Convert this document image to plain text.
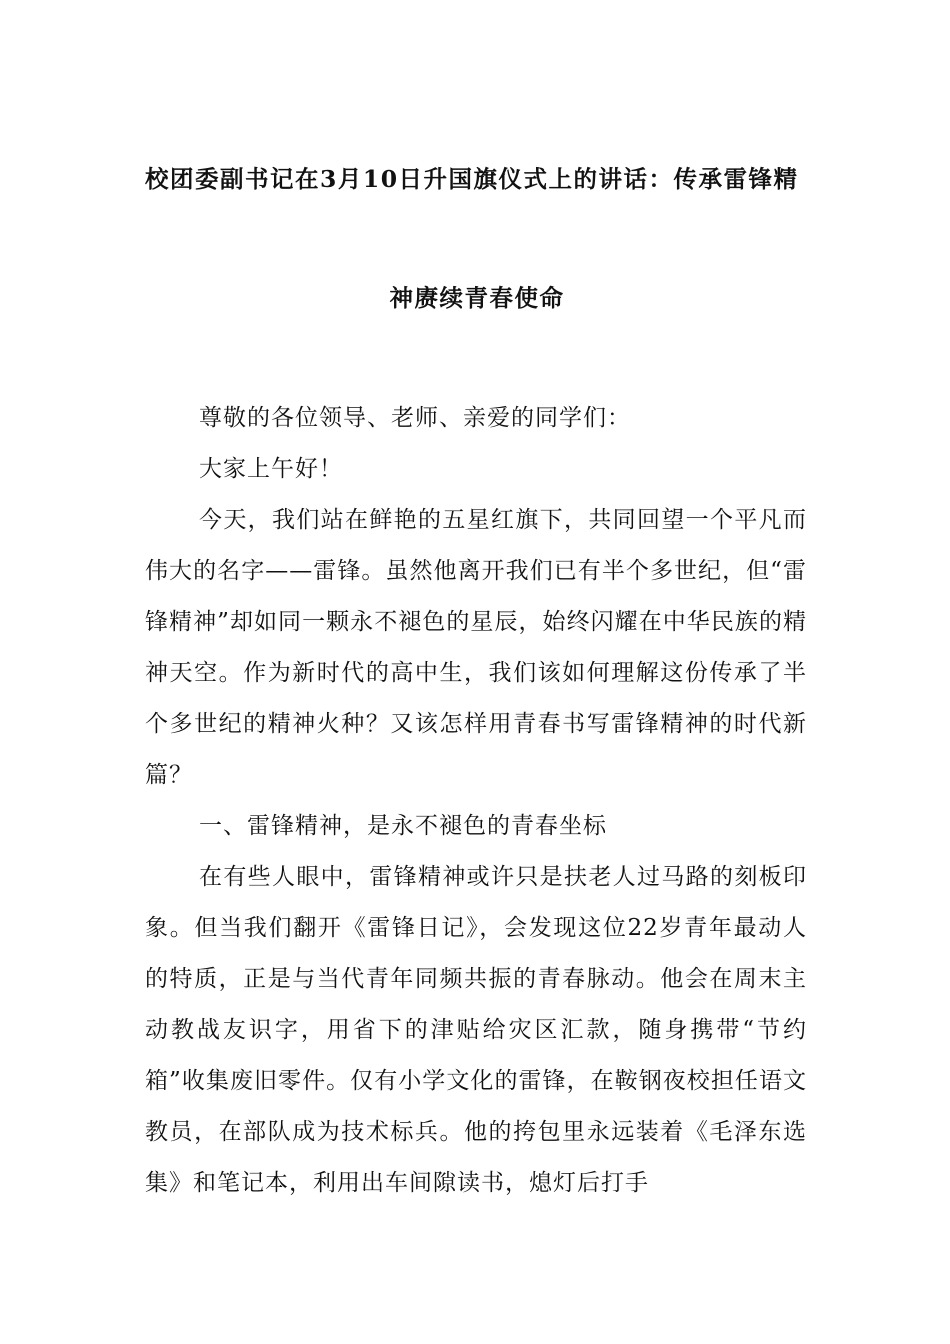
校团委副书记在3月10日升国旗仪式上的讲话：传承雷锋精
神赓续青春使命

尊敬的各位领导、老师、亲爱的同学们：

大家上午好！

今天，我们站在鲜艳的五星红旗下，共同回望一个平凡而伟大的名字——雷锋。虽然他离开我们已有半个多世纪，但“雷锋精神”却如同一颗永不褪色的星辰，始终闪耀在中华民族的精神天空。作为新时代的高中生，我们该如何理解这份传承了半个多世纪的精神火种？又该怎样用青春书写雷锋精神的时代新篇？

一、雷锋精神，是永不褪色的青春坐标

在有些人眼中，雷锋精神或许只是扶老人过马路的刻板印象。但当我们翻开《雷锋日记》，会发现这位22岁青年最动人的特质，正是与当代青年同频共振的青春脉动。他会在周末主动教战友识字，用省下的津贴给灾区汇款，随身携带“节约箱”收集废旧零件。仅有小学文化的雷锋，在鞍钢夜校担任语文教员，在部队成为技术标兵。他的挎包里永远装着《毛泽东选集》和笔记本，利用出车间隙读书，熄灯后打手
